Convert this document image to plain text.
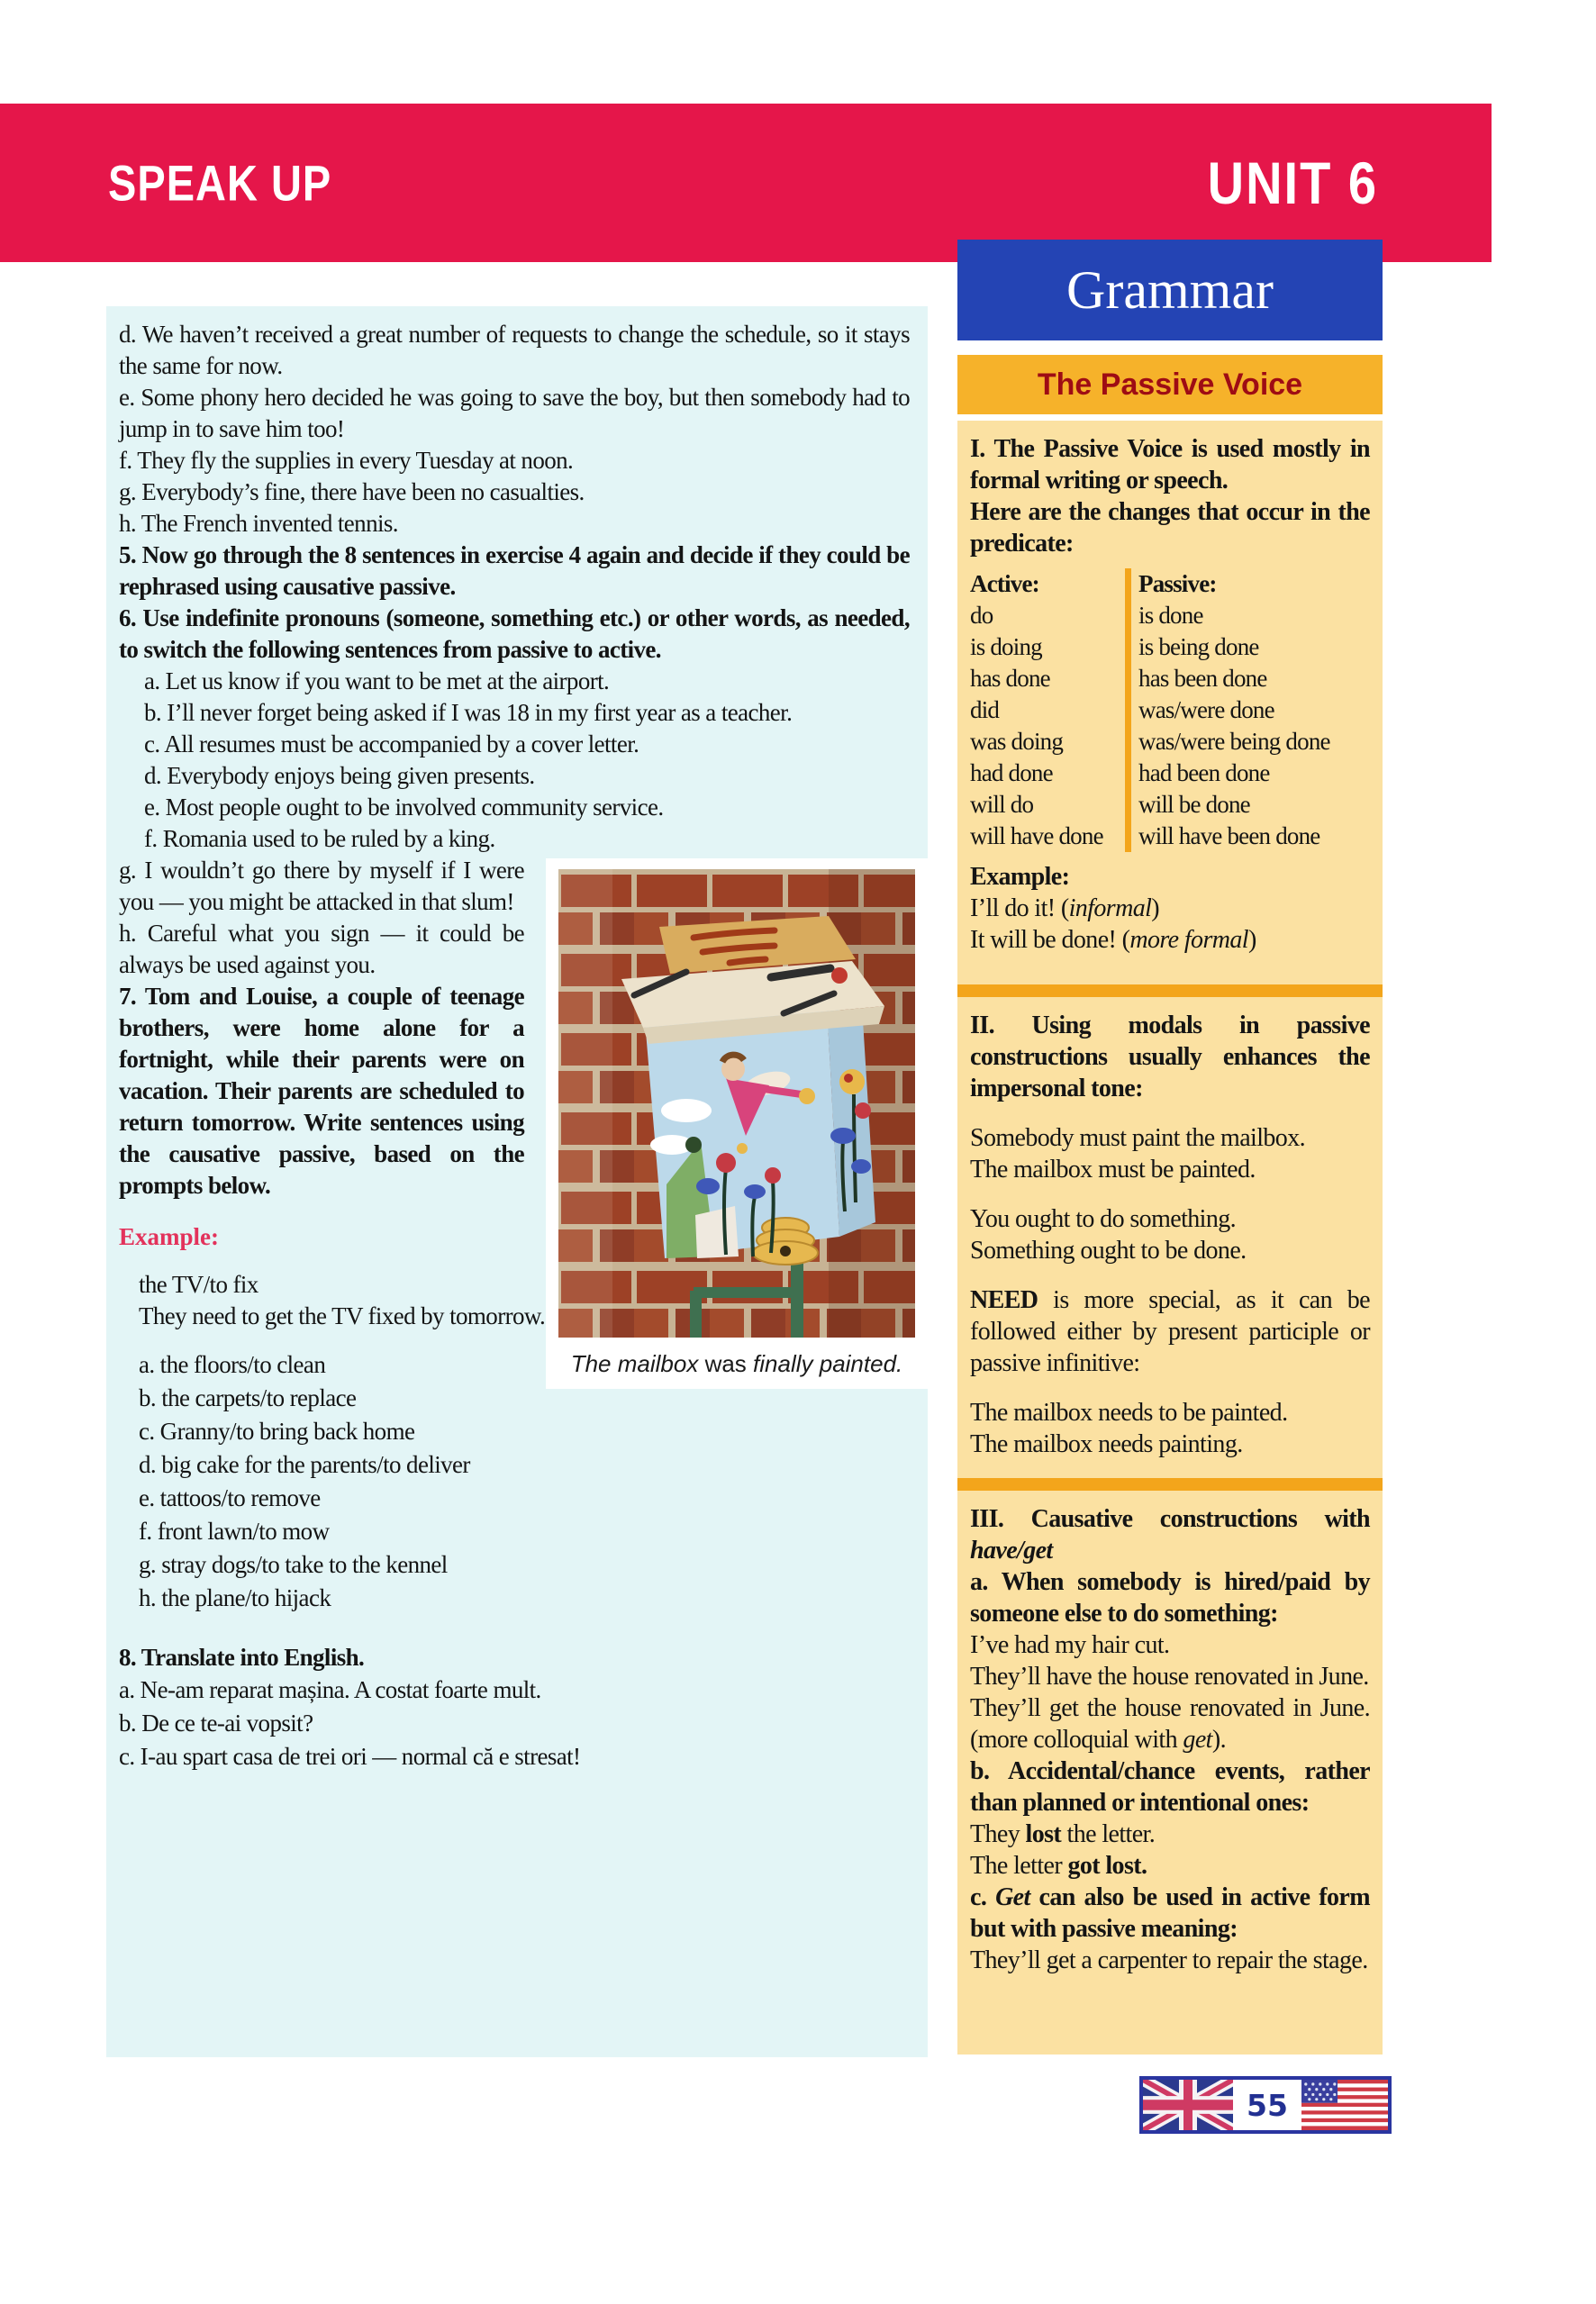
SPEAK UP	UNIT 6
Grammar
The Passive Voice

I. The Passive Voice is used mostly in formal writing or speech.

Here are the changes that occur in the predicate:

Active:
do
is doing
has done
did
was doing
had done
will do
will have done
Passive:
is done
is being done
has been done
was/were done
was/were being done
had been done
will be done
will have been done
Example:

I’ll do it! (informal)

It will be done! (more formal)

II. Using modals in passive constructions usually enhances the impersonal tone:

Somebody must paint the mailbox.

The mailbox must be painted.

You ought to do something.

Something ought to be done.

NEED is more special, as it can be followed either by present participle or passive infinitive:

The mailbox needs to be painted.

The mailbox needs painting.

III. Causative constructions with have/get

a. When somebody is hired/paid by someone else to do something:

I’ve had my hair cut.

They’ll have the house renovated in June.

They’ll get the house renovated in June. (more colloquial with get).

b. Accidental/chance events, rather than planned or intentional ones:

They lost the letter.

The letter got lost.

c. Get can also be used in active form but with passive meaning:

They’ll get a carpenter to repair the stage.

d. We haven’t received a great number of requests to change the schedule, so it stays the same for now.

e. Some phony hero decided he was going to save the boy, but then somebody had to jump in to save him too!

f. They fly the supplies in every Tuesday at noon.
g. Everybody’s fine, there have been no casualties.
h. The French invented tennis.

5. Now go through the 8 sentences in exercise 4 again and decide if they could be rephrased using causative passive.

6. Use indefinite pronouns (someone, something etc.) or other words, as needed, to switch the following sentences from passive to active.

a. Let us know if you want to be met at the airport.
b. I’ll never forget being asked if I was 18 in my first year as a teacher.
c. All resumes must be accompanied by a cover letter.
d. Everybody enjoys being given presents.
e. Most people ought to be involved community service.
f. Romania used to be ruled by a king.
The mailbox was finally painted.

g. I wouldn’t go there by myself if I were you — you might be attacked in that slum!

h. Careful what you sign — it could be always be used against you.

7. Tom and Louise, a couple of teenage brothers, were home alone for a fortnight, while their parents were on vacation. Their parents are scheduled to return tomorrow. Write sentences using the causative passive, based on the prompts below.

Example:
the TV/to fix
They need to get the TV fixed by tomorrow.
a. the floors/to clean
b. the carpets/to replace
c. Granny/to bring back home
d. big cake for the parents/to deliver
e. tattoos/to remove
f. front lawn/to mow
g. stray dogs/to take to the kennel
h. the plane/to hijack
8. Translate into English.
a. Ne-am reparat mașina. A costat foarte mult.
b. De ce te-ai vopsit?
c. I-au spart casa de trei ori — normal că e stresat!
55
